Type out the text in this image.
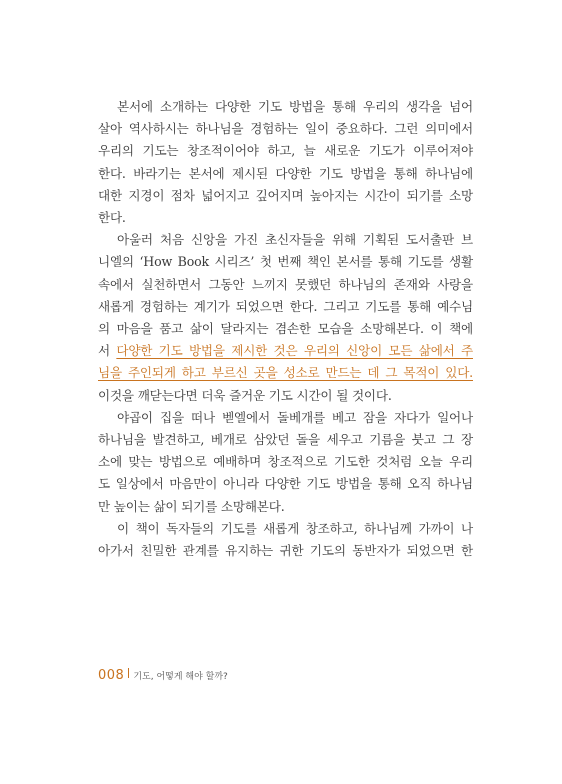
본서에 소개하는 다양한 기도 방법을 통해 우리의 생각을 넘어
살아 역사하시는 하나님을 경험하는 일이 중요하다. 그런 의미에서
우리의 기도는 창조적이어야 하고, 늘 새로운 기도가 이루어져야
한다. 바라기는 본서에 제시된 다양한 기도 방법을 통해 하나님에
대한 지경이 점차 넓어지고 깊어지며 높아지는 시간이 되기를 소망
한다.

아울러 처음 신앙을 가진 초신자들을 위해 기획된 도서출판 브
니엘의 ‘How Book 시리즈’ 첫 번째 책인 본서를 통해 기도를 생활
속에서 실천하면서 그동안 느끼지 못했던 하나님의 존재와 사랑을
새롭게 경험하는 계기가 되었으면 한다. 그리고 기도를 통해 예수님
의 마음을 품고 삶이 달라지는 겸손한 모습을 소망해본다. 이 책에
서 다양한 기도 방법을 제시한 것은 우리의 신앙이 모든 삶에서 주
님을 주인되게 하고 부르신 곳을 성소로 만드는 데 그 목적이 있다.
이것을 깨닫는다면 더욱 즐거운 기도 시간이 될 것이다.

야곱이 집을 떠나 벧엘에서 돌베개를 베고 잠을 자다가 일어나
하나님을 발견하고, 베개로 삼았던 돌을 세우고 기름을 붓고 그 장
소에 맞는 방법으로 예배하며 창조적으로 기도한 것처럼 오늘 우리
도 일상에서 마음만이 아니라 다양한 기도 방법을 통해 오직 하나님
만 높이는 삶이 되기를 소망해본다.

이 책이 독자들의 기도를 새롭게 창조하고, 하나님께 가까이 나
아가서 친밀한 관계를 유지하는 귀한 기도의 동반자가 되었으면 한

008 기도, 어떻게 해야 할까?
